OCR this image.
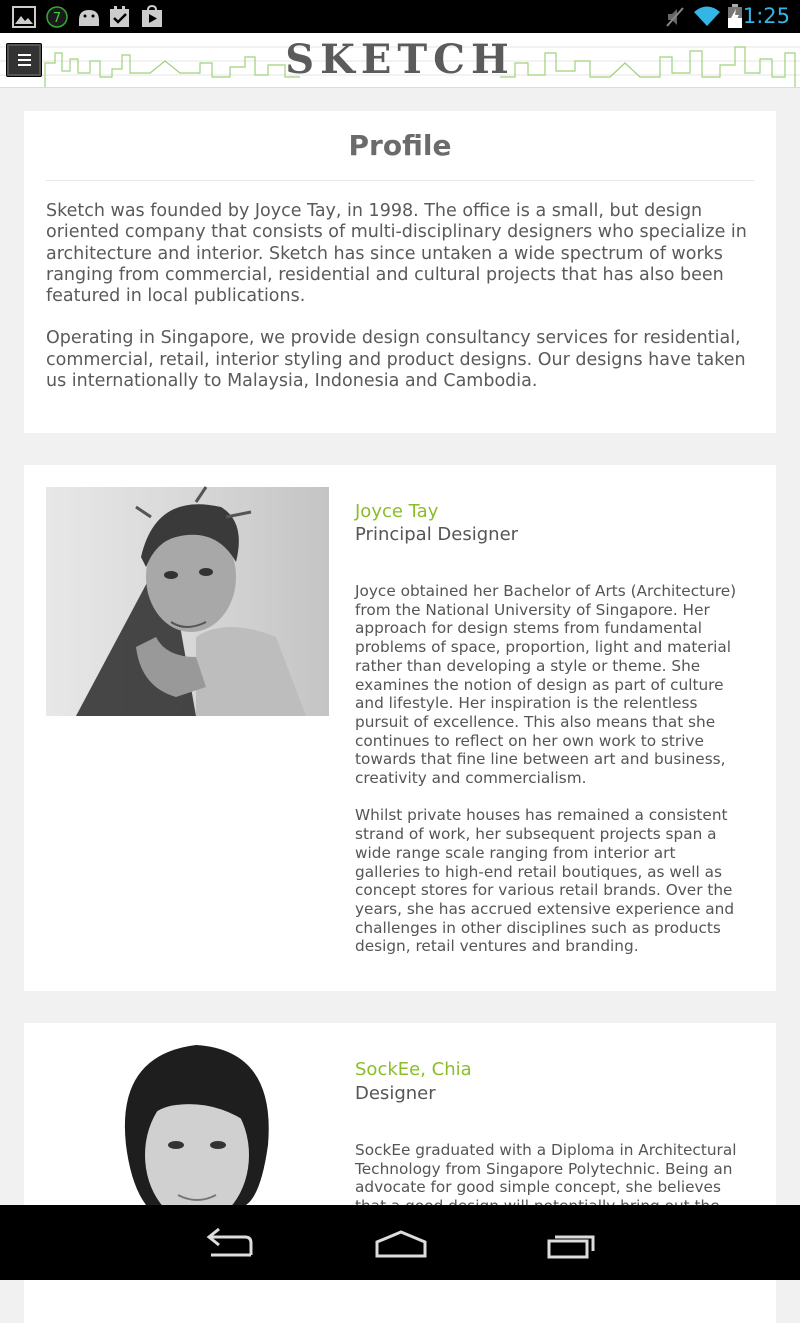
7	1:25
SKETCH
Profile

Sketch was founded by Joyce Tay, in 1998. The office is a small, but design oriented company that consists of multi-disciplinary designers who specialize in architecture and interior. Sketch has since untaken a wide spectrum of works ranging from commercial, residential and cultural projects that has also been featured in local publications.

Operating in Singapore, we provide design consultancy services for residential, commercial, retail, interior styling and product designs. Our designs have taken us internationally to Malaysia, Indonesia and Cambodia.

Joyce Tay
Principal Designer

Joyce obtained her Bachelor of Arts (Architecture) from the National University of Singapore. Her approach for design stems from fundamental problems of space, proportion, light and material rather than developing a style or theme. She examines the notion of design as part of culture and lifestyle. Her inspiration is the relentless pursuit of excellence. This also means that she continues to reflect on her own work to strive towards that fine line between art and business, creativity and commercialism.

Whilst private houses has remained a consistent strand of work, her subsequent projects span a wide range scale ranging from interior art galleries to high-end retail boutiques, as well as concept stores for various retail brands. Over the years, she has accrued extensive experience and challenges in other disciplines such as products design, retail ventures and branding.

SockEe, Chia
Designer

SockEe graduated with a Diploma in Architectural Technology from Singapore Polytechnic. Being an advocate for good simple concept, she believes
